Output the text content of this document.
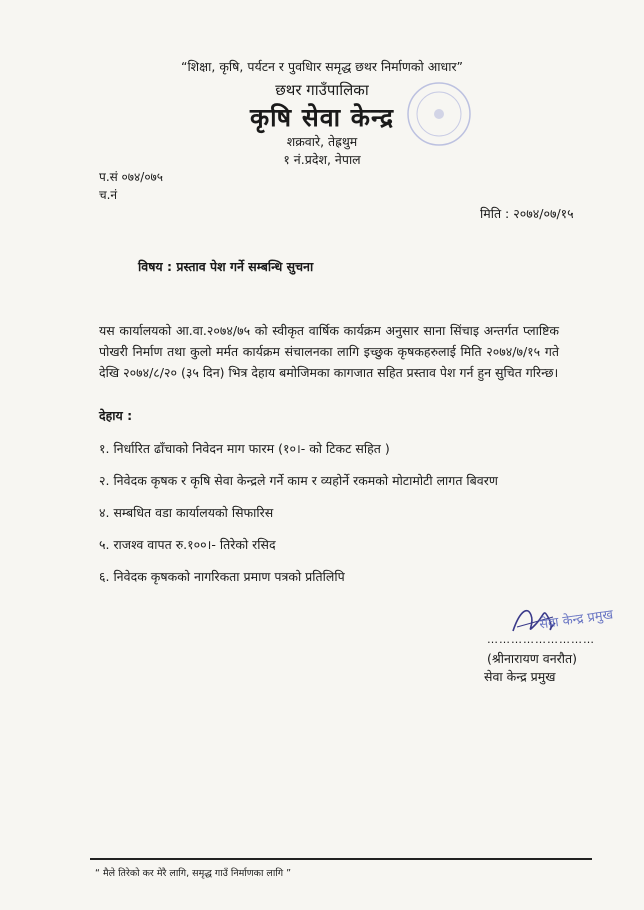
“शिक्षा, कृषि, पर्यटन र पुवधिार समृद्ध छथर निर्माणको आधार”
छथर गाउँपालिका
कृषि सेवा केन्द्र
शक्रवारे, तेह्रथुम
१ नं.प्रदेश, नेपाल
प.सं ०७४/०७५
च.नं
मिति : २०७४/०७/१५
विषय : प्रस्ताव पेश गर्ने सम्बन्धि सुचना
यस कार्यालयको आ.वा.२०७४/७५ को स्वीकृत वार्षिक कार्यक्रम अनुसार साना सिंचाइ अन्तर्गत प्लाष्टिक पोखरी निर्माण तथा कुलो मर्मत कार्यक्रम संचालनका लागि इच्छुक कृषकहरुलाई मिति २०७४/७/१५ गते देखि २०७४/८/२० (३५ दिन) भित्र देहाय बमोजिमका कागजात सहित प्रस्ताव पेश गर्न हुन सुचित गरिन्छ।
देहाय :
१. निर्धारित ढाँचाको निवेदन माग फारम (१०।- को टिकट सहित )
२. निवेदक कृषक र कृषि सेवा केन्द्रले गर्ने काम र व्यहोर्ने रकमको मोटामोटी लागत बिवरण
४. सम्बधित वडा कार्यालयको सिफारिस
५. राजश्व वापत रु.१००।- तिरेको रसिद
६. निवेदक कृषकको नागरिकता प्रमाण पत्रको प्रतिलिपि
सेवा केन्द्र प्रमुख
………………………
(श्रीनारायण वनरौत)
सेवा केन्द्र प्रमुख
“ मैले तिरेको कर मेरै लागि, समृद्ध गाउँ निर्माणका लागि ”
